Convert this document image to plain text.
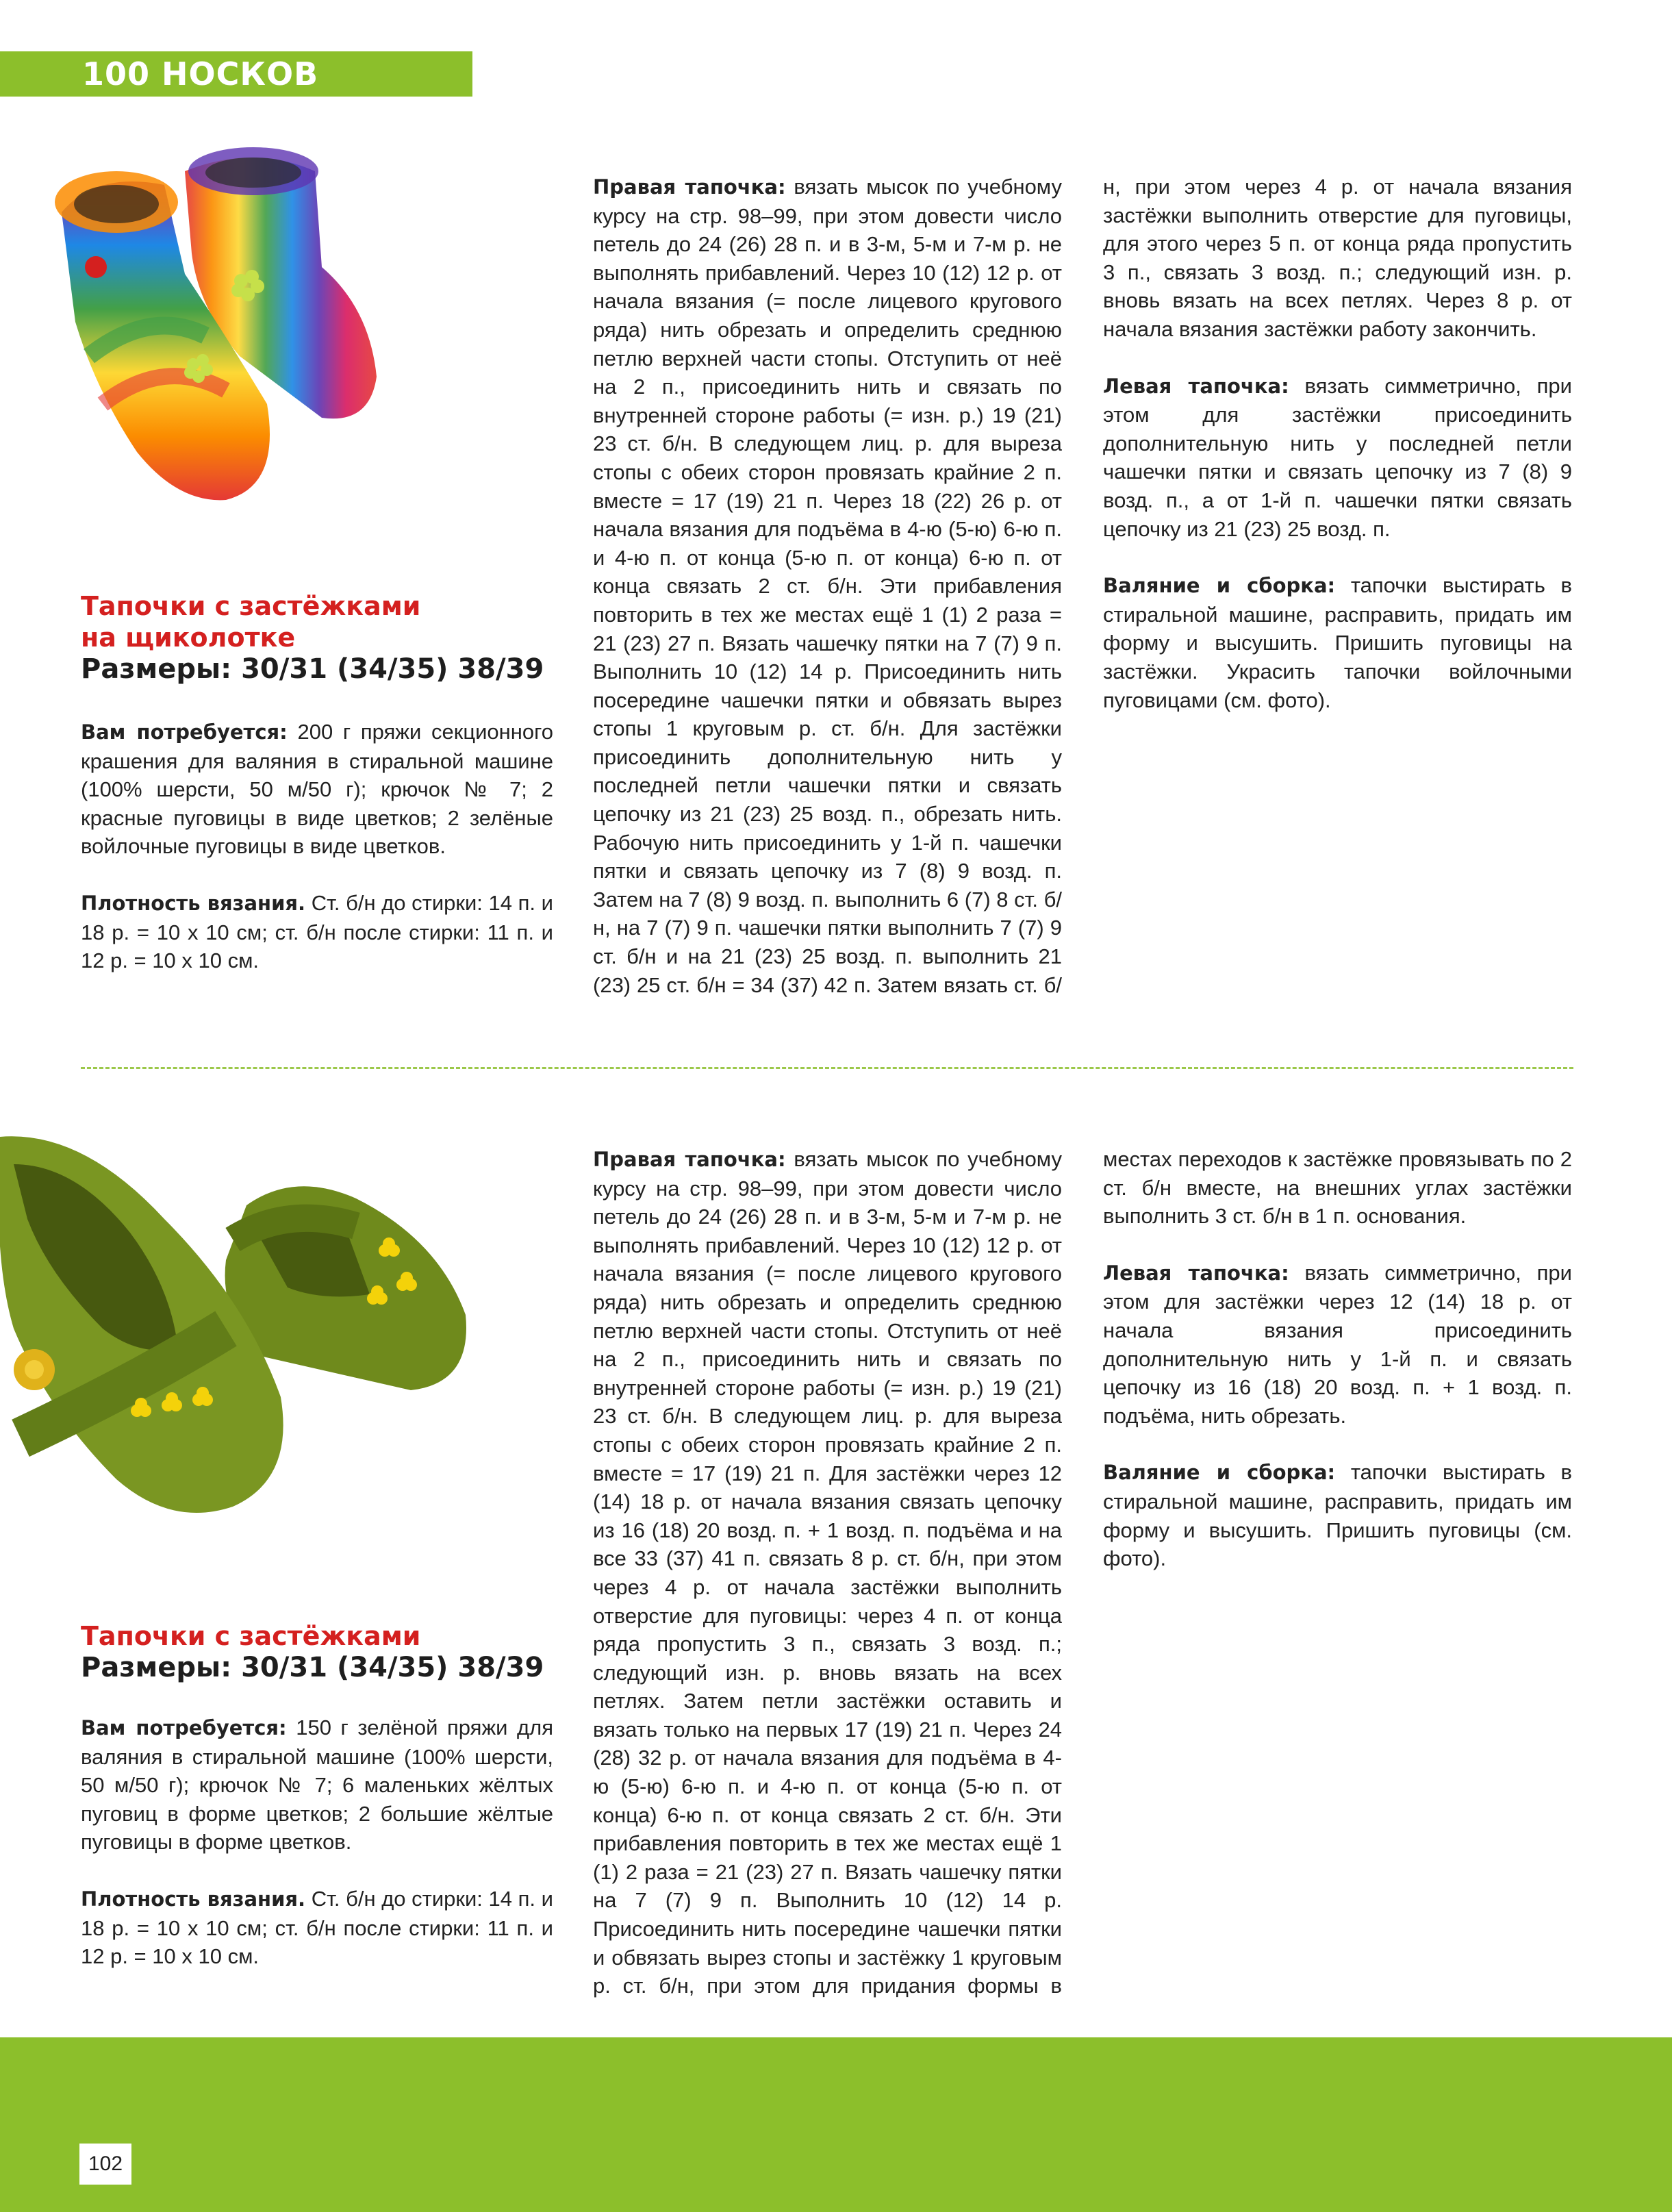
100 НОСКОВ
Тапочки с застёжками
на щиколотке
Размеры: 30/31 (34/35) 38/39

Вам потребуется: 200 г пряжи секционного крашения для валяния в стиральной машине (100% шерсти, 50 м/50 г); крючок № 7; 2 красные пуговицы в виде цветков; 2 зелёные войлочные пуговицы в виде цветков.

Плотность вязания. Ст. б/н до стирки: 14 п. и 18 р. = 10 х 10 см; ст. б/н после стирки: 11 п. и 12 р. = 10 х 10 см.

Правая тапочка: вязать мысок по учебному курсу на стр. 98–99, при этом довести число петель до 24 (26) 28 п. и в 3-м, 5-м и 7-м р. не выполнять прибавлений. Через 10 (12) 12 р. от начала вязания (= после лицевого кругового ряда) нить обрезать и определить среднюю петлю верхней части стопы. Отступить от неё на 2 п., присоединить нить и связать по внутренней стороне работы (= изн. р.) 19 (21) 23 ст. б/н. В следующем лиц. р. для выреза стопы с обеих сторон провязать крайние 2 п. вместе = 17 (19) 21 п. Через 18 (22) 26 р. от начала вязания для подъёма в 4-ю (5-ю) 6-ю п. и 4-ю п. от конца (5-ю п. от конца) 6-ю п. от конца связать 2 ст. б/н. Эти прибавления повторить в тех же местах ещё 1 (1) 2 раза = 21 (23) 27 п. Вязать чашечку пятки на 7 (7) 9 п. Выполнить 10 (12) 14 р. Присоединить нить посередине чашечки пятки и обвязать вырез стопы 1 круговым р. ст. б/н. Для застёжки присоединить дополнительную нить у последней петли чашечки пятки и связать цепочку из 21 (23) 25 возд. п., обрезать нить. Рабочую нить присоединить у 1-й п. чашечки пятки и связать цепочку из 7 (8) 9 возд. п. Затем на 7 (8) 9 возд. п. выполнить 6 (7) 8 ст. б/н, на 7 (7) 9 п. чашечки пятки выполнить 7 (7) 9 ст. б/н и на 21 (23) 25 возд. п. выполнить 21 (23) 25 ст. б/н = 34 (37) 42 п. Затем вязать ст. б/н, при этом через 4 р. от начала вязания застёжки выполнить отверстие для пуговицы, для этого через 5 п. от конца ряда пропустить 3 п., связать 3 возд. п.; следующий изн. р. вновь вязать на всех петлях. Через 8 р. от начала вязания застёжки работу закончить.

Левая тапочка: вязать симметрично, при этом для застёжки присоединить дополнительную нить у последней петли чашечки пятки и связать цепочку из 7 (8) 9 возд. п., а от 1-й п. чашечки пятки связать цепочку из 21 (23) 25 возд. п.

Валяние и сборка: тапочки выстирать в стиральной машине, расправить, придать им форму и высушить. Пришить пуговицы на застёжки. Украсить тапочки войлочными пуговицами (см. фото).

Тапочки с застёжками
Размеры: 30/31 (34/35) 38/39

Вам потребуется: 150 г зелёной пряжи для валяния в стиральной машине (100% шерсти, 50 м/50 г); крючок № 7; 6 маленьких жёлтых пуговиц в форме цветков; 2 большие жёлтые пуговицы в форме цветков.

Плотность вязания. Ст. б/н до стирки: 14 п. и 18 р. = 10 х 10 см; ст. б/н после стирки: 11 п. и 12 р. = 10 х 10 см.

Правая тапочка: вязать мысок по учебному курсу на стр. 98–99, при этом довести число петель до 24 (26) 28 п. и в 3-м, 5-м и 7-м р. не выполнять прибавлений. Через 10 (12) 12 р. от начала вязания (= после лицевого кругового ряда) нить обрезать и определить среднюю петлю верхней части стопы. Отступить от неё на 2 п., присоединить нить и связать по внутренней стороне работы (= изн. р.) 19 (21) 23 ст. б/н. В следующем лиц. р. для выреза стопы с обеих сторон провязать крайние 2 п. вместе = 17 (19) 21 п. Для застёжки через 12 (14) 18 р. от начала вязания связать цепочку из 16 (18) 20 возд. п. + 1 возд. п. подъёма и на все 33 (37) 41 п. связать 8 р. ст. б/н, при этом через 4 р. от начала застёжки выполнить отверстие для пуговицы: через 4 п. от конца ряда пропустить 3 п., связать 3 возд. п.; следующий изн. р. вновь вязать на всех петлях. Затем петли застёжки оставить и вязать только на первых 17 (19) 21 п. Через 24 (28) 32 р. от начала вязания для подъёма в 4-ю (5-ю) 6-ю п. и 4-ю п. от конца (5-ю п. от конца) 6-ю п. от конца связать 2 ст. б/н. Эти прибавления повторить в тех же местах ещё 1 (1) 2 раза = 21 (23) 27 п. Вязать чашечку пятки на 7 (7) 9 п. Выполнить 10 (12) 14 р. Присоединить нить посередине чашечки пятки и обвязать вырез стопы и застёжку 1 круговым р. ст. б/н, при этом для придания формы в местах переходов к застёжке провязывать по 2 ст. б/н вместе, на внешних углах застёжки выполнить 3 ст. б/н в 1 п. основания.

Левая тапочка: вязать симметрично, при этом для застёжки через 12 (14) 18 р. от начала вязания присоединить дополнительную нить у 1-й п. и связать цепочку из 16 (18) 20 возд. п. + 1 возд. п. подъёма, нить обрезать.

Валяние и сборка: тапочки выстирать в стиральной машине, расправить, придать им форму и высушить. Пришить пуговицы (см. фото).

102
